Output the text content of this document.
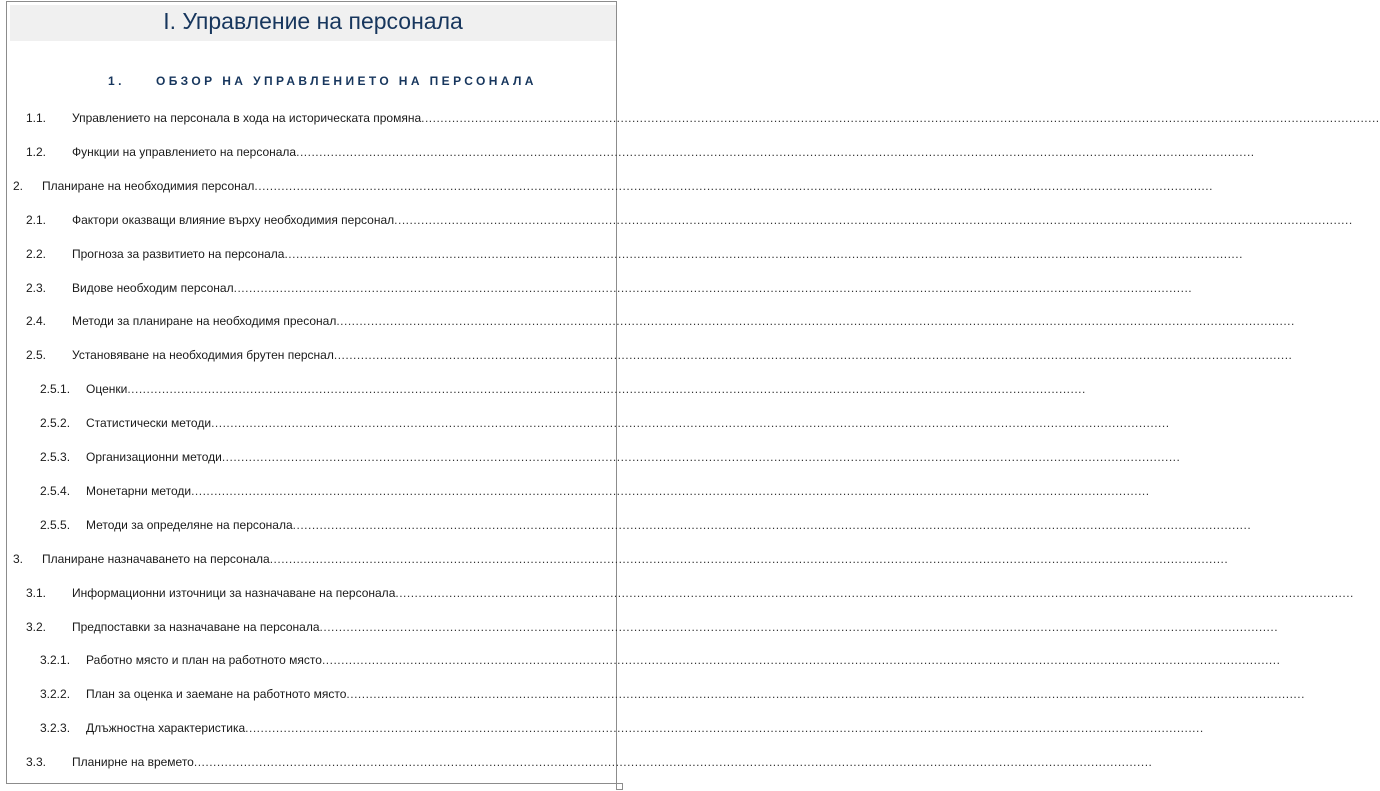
I. Управление на персонала
1.	ОБЗОР НА УПРАВЛЕНИЕТО НА ПЕРСОНАЛА
1.1.	Управлението на персонала в хода на историческата промяна ..........................................................................................................................................................................................................................................................
1.2.	Функции на управлението на персонала ..........................................................................................................................................................................................................................................................
2.	Планиране на необходимия персонал ..........................................................................................................................................................................................................................................................
2.1.	Фактори оказващи влияние върху необходимия персонал ..........................................................................................................................................................................................................................................................
2.2.	Прогноза за развитието на персонала ..........................................................................................................................................................................................................................................................
2.3.	Видове необходим персонал ..........................................................................................................................................................................................................................................................
2.4.	Методи за планиране на необходимя пресонал ..........................................................................................................................................................................................................................................................
2.5.	Установяване на необходимия брутен перснал ..........................................................................................................................................................................................................................................................
2.5.1.	Оценки ..........................................................................................................................................................................................................................................................
2.5.2.	Статистически методи ..........................................................................................................................................................................................................................................................
2.5.3.	Организационни методи ..........................................................................................................................................................................................................................................................
2.5.4.	Монетарни методи ..........................................................................................................................................................................................................................................................
2.5.5.	Методи за определяне на персонала ..........................................................................................................................................................................................................................................................
3.	Планиране назначаването на персонала ..........................................................................................................................................................................................................................................................
3.1.	Информационни източници за назначаване на персонала ..........................................................................................................................................................................................................................................................
3.2.	Предпоставки за назначаване на персонала ..........................................................................................................................................................................................................................................................
3.2.1.	Работно място и план на работното място ..........................................................................................................................................................................................................................................................
3.2.2.	План за оценка и заемане на работното място ..........................................................................................................................................................................................................................................................
3.2.3.	Длъжностна характеристика ..........................................................................................................................................................................................................................................................
3.3.	Планирне на времето ..........................................................................................................................................................................................................................................................
